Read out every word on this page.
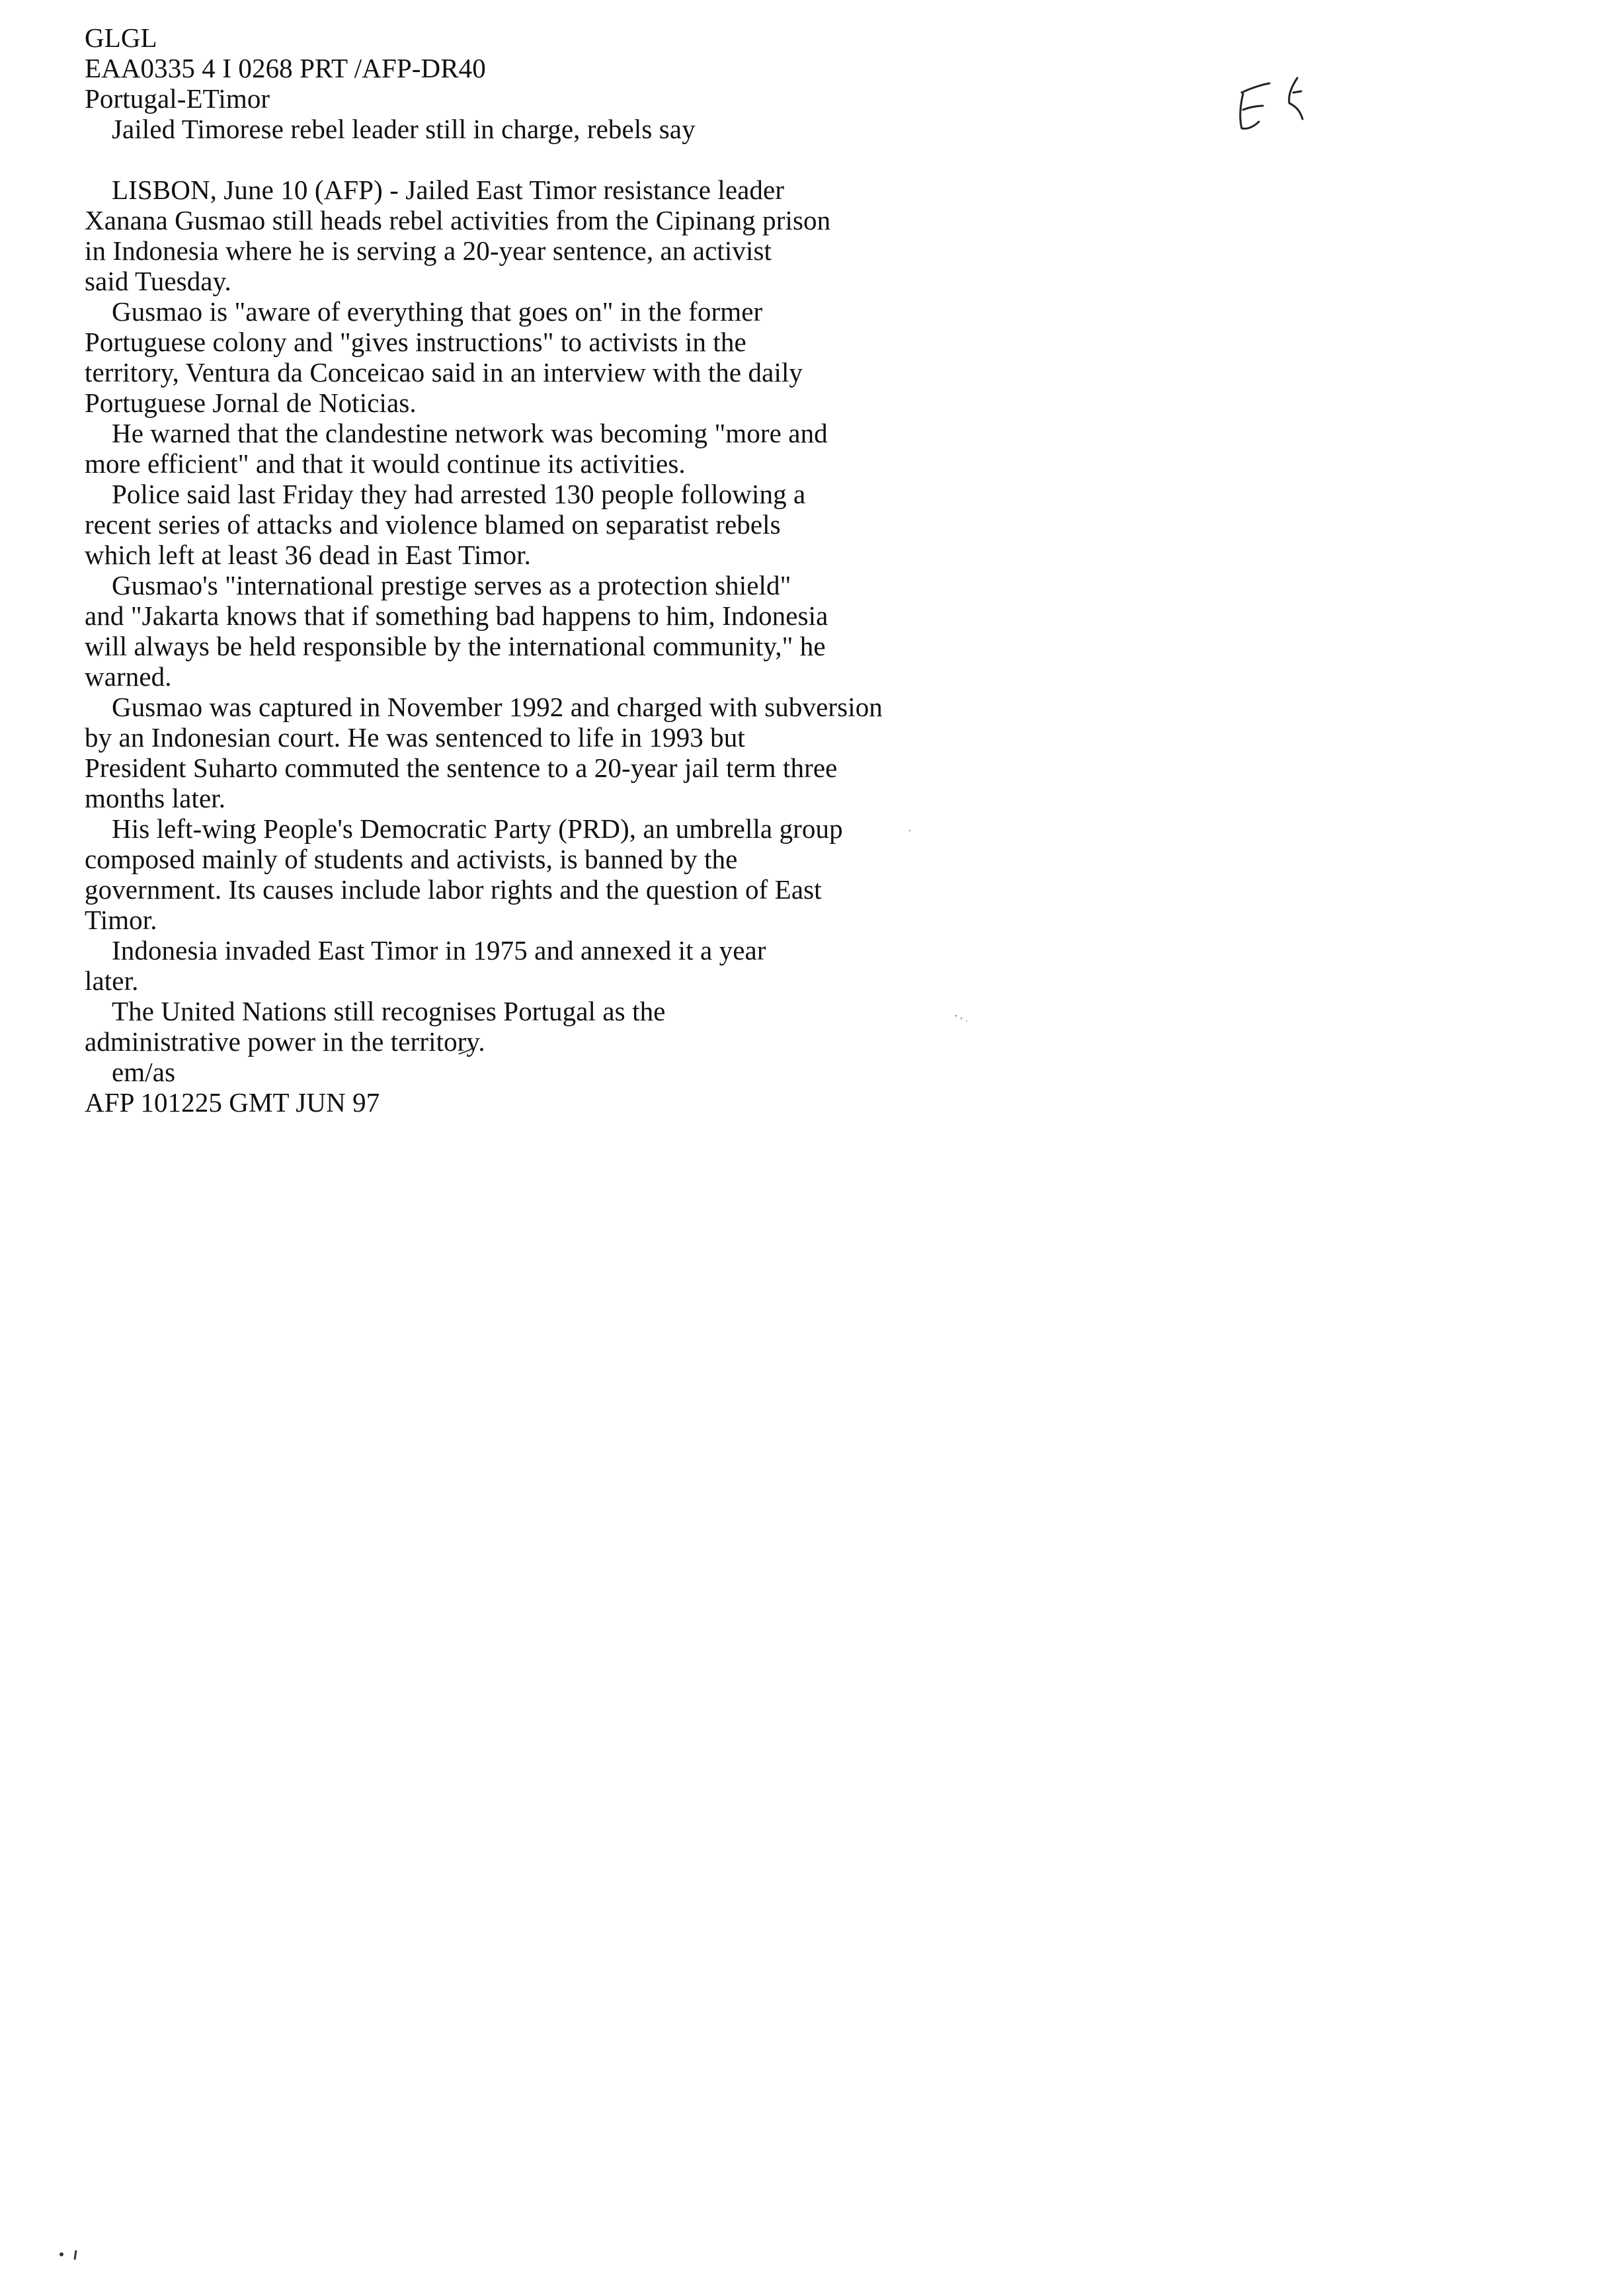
GLGL
EAA0335 4 I 0268 PRT /AFP-DR40
Portugal-ETimor
Jailed Timorese rebel leader still in charge, rebels say
LISBON, June 10 (AFP) - Jailed East Timor resistance leader
Xanana Gusmao still heads rebel activities from the Cipinang prison
in Indonesia where he is serving a 20-year sentence, an activist
said Tuesday.
Gusmao is "aware of everything that goes on" in the former
Portuguese colony and "gives instructions" to activists in the
territory, Ventura da Conceicao said in an interview with the daily
Portuguese Jornal de Noticias.
He warned that the clandestine network was becoming "more and
more efficient" and that it would continue its activities.
Police said last Friday they had arrested 130 people following a
recent series of attacks and violence blamed on separatist rebels
which left at least 36 dead in East Timor.
Gusmao's "international prestige serves as a protection shield"
and "Jakarta knows that if something bad happens to him, Indonesia
will always be held responsible by the international community," he
warned.
Gusmao was captured in November 1992 and charged with subversion
by an Indonesian court. He was sentenced to life in 1993 but
President Suharto commuted the sentence to a 20-year jail term three
months later.
His left-wing People's Democratic Party (PRD), an umbrella group
composed mainly of students and activists, is banned by the
government. Its causes include labor rights and the question of East
Timor.
Indonesia invaded East Timor in 1975 and annexed it a year
later.
The United Nations still recognises Portugal as the
administrative power in the territory.
em/as
AFP 101225 GMT JUN 97
